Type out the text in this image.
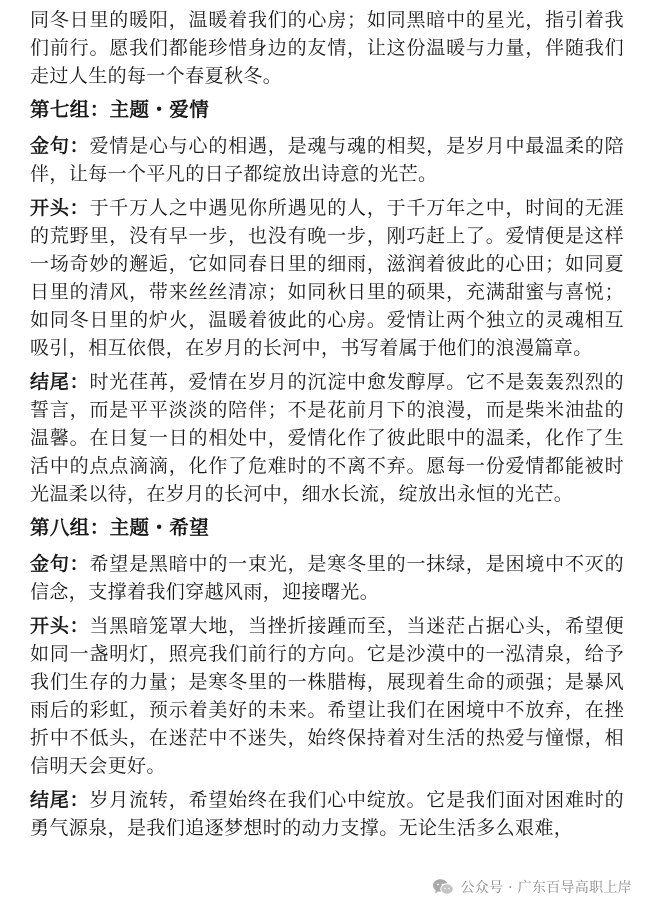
同冬日里的暖阳，温暖着我们的心房；如同黑暗中的星光，指引着我们前行。愿我们都能珍惜身边的友情，让这份温暖与力量，伴随我们走过人生的每一个春夏秋冬。

第七组：主题・爱情

金句：爱情是心与心的相遇，是魂与魂的相契，是岁月中最温柔的陪伴，让每一个平凡的日子都绽放出诗意的光芒。

开头：于千万人之中遇见你所遇见的人，于千万年之中，时间的无涯的荒野里，没有早一步，也没有晚一步，刚巧赶上了。爱情便是这样一场奇妙的邂逅，它如同春日里的细雨，滋润着彼此的心田；如同夏日里的清风，带来丝丝清凉；如同秋日里的硕果，充满甜蜜与喜悦；如同冬日里的炉火，温暖着彼此的心房。爱情让两个独立的灵魂相互吸引，相互依偎，在岁月的长河中，书写着属于他们的浪漫篇章。

结尾：时光荏苒，爱情在岁月的沉淀中愈发醇厚。它不是轰轰烈烈的誓言，而是平平淡淡的陪伴；不是花前月下的浪漫，而是柴米油盐的温馨。在日复一日的相处中，爱情化作了彼此眼中的温柔，化作了生活中的点点滴滴，化作了危难时的不离不弃。愿每一份爱情都能被时光温柔以待，在岁月的长河中，细水长流，绽放出永恒的光芒。

第八组：主题・希望

金句：希望是黑暗中的一束光，是寒冬里的一抹绿，是困境中不灭的信念，支撑着我们穿越风雨，迎接曙光。

开头：当黑暗笼罩大地，当挫折接踵而至，当迷茫占据心头，希望便如同一盏明灯，照亮我们前行的方向。它是沙漠中的一泓清泉，给予我们生存的力量；是寒冬里的一株腊梅，展现着生命的顽强；是暴风雨后的彩虹，预示着美好的未来。希望让我们在困境中不放弃，在挫折中不低头，在迷茫中不迷失，始终保持着对生活的热爱与憧憬，相信明天会更好。

结尾：岁月流转，希望始终在我们心中绽放。它是我们面对困难时的勇气源泉，是我们追逐梦想时的动力支撑。无论生活多么艰难，

公众号 · 广东百导高职上岸
